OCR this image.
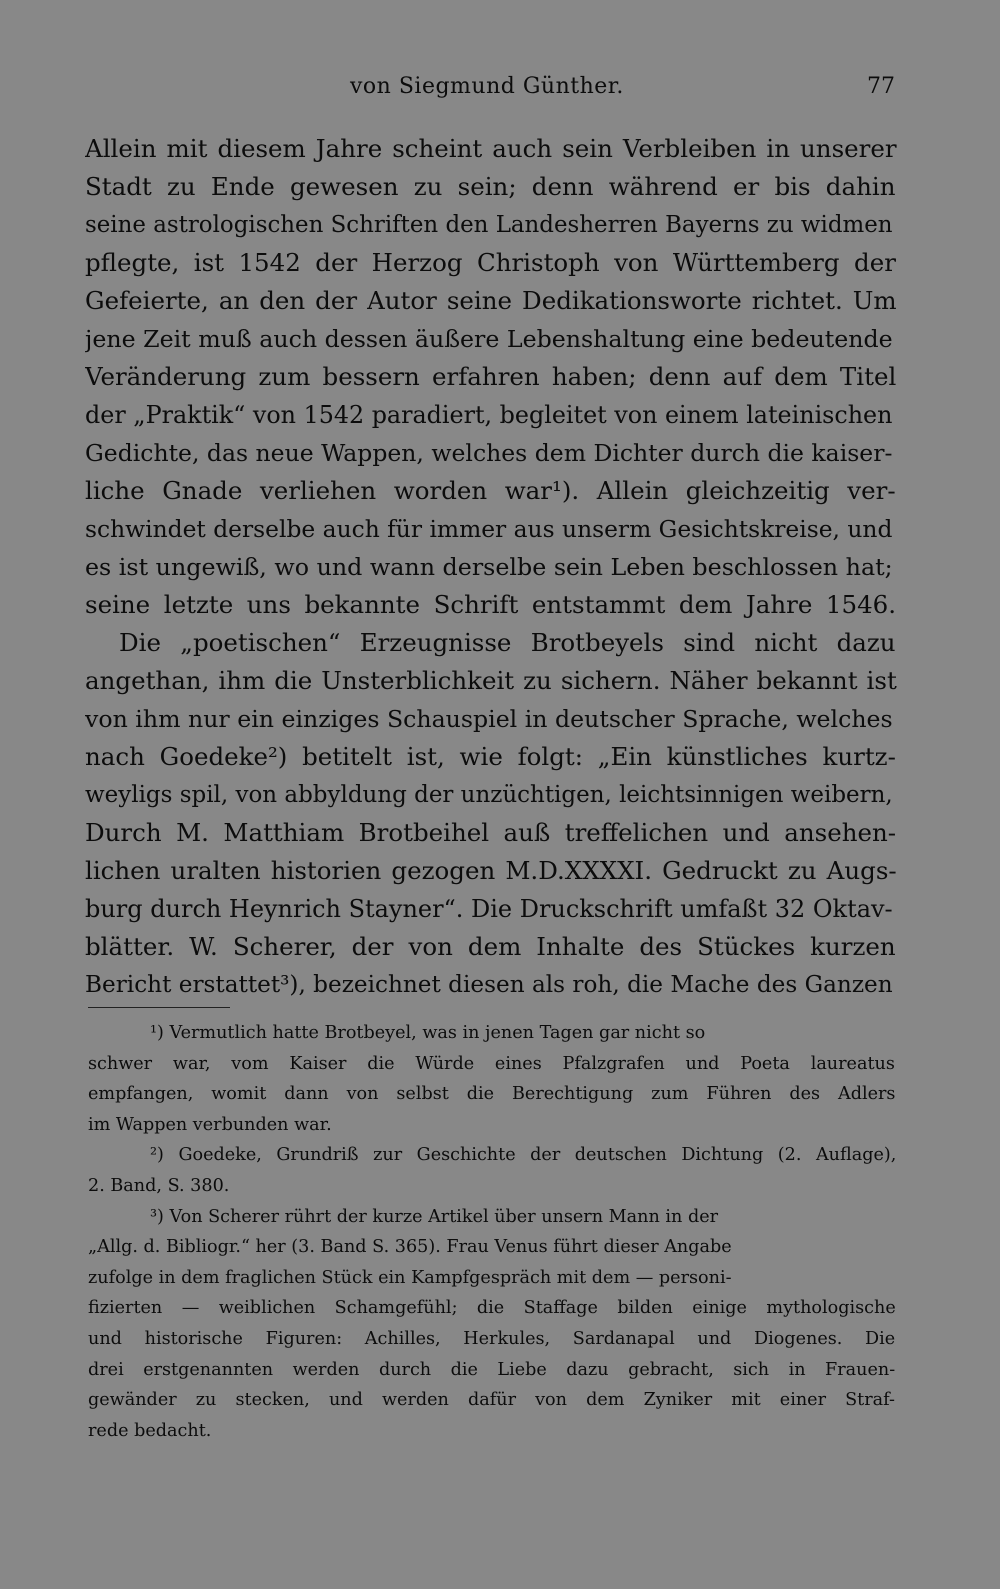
von Siegmund Günther.	77
Allein mit diesem Jahre scheint auch sein Verbleiben in unserer
Stadt zu Ende gewesen zu sein; denn während er bis dahin
seine astrologischen Schriften den Landesherren Bayerns zu widmen
pflegte, ist 1542 der Herzog Christoph von Württemberg der
Gefeierte, an den der Autor seine Dedikationsworte richtet. Um
jene Zeit muß auch dessen äußere Lebenshaltung eine bedeutende
Veränderung zum bessern erfahren haben; denn auf dem Titel
der „Praktik“ von 1542 paradiert, begleitet von einem lateinischen
Gedichte, das neue Wappen, welches dem Dichter durch die kaiser-
liche Gnade verliehen worden war¹). Allein gleichzeitig ver-
schwindet derselbe auch für immer aus unserm Gesichtskreise, und
es ist ungewiß, wo und wann derselbe sein Leben beschlossen hat;
seine letzte uns bekannte Schrift entstammt dem Jahre 1546.
Die „poetischen“ Erzeugnisse Brotbeyels sind nicht dazu
angethan, ihm die Unsterblichkeit zu sichern. Näher bekannt ist
von ihm nur ein einziges Schauspiel in deutscher Sprache, welches
nach Goedeke²) betitelt ist, wie folgt: „Ein künstliches kurtz-
weyligs spil, von abbyldung der unzüchtigen, leichtsinnigen weibern,
Durch M. Matthiam Brotbeihel auß treffelichen und ansehen-
lichen uralten historien gezogen M.D.XXXXI. Gedruckt zu Augs-
burg durch Heynrich Stayner“. Die Druckschrift umfaßt 32 Oktav-
blätter. W. Scherer, der von dem Inhalte des Stückes kurzen
Bericht erstattet³), bezeichnet diesen als roh, die Mache des Ganzen
¹) Vermutlich hatte Brotbeyel, was in jenen Tagen gar nicht so
schwer war, vom Kaiser die Würde eines Pfalzgrafen und Poeta laureatus
empfangen, womit dann von selbst die Berechtigung zum Führen des Adlers
im Wappen verbunden war.
²) Goedeke, Grundriß zur Geschichte der deutschen Dichtung (2. Auflage),
2. Band, S. 380.
³) Von Scherer rührt der kurze Artikel über unsern Mann in der
„Allg. d. Bibliogr.“ her (3. Band S. 365). Frau Venus führt dieser Angabe
zufolge in dem fraglichen Stück ein Kampfgespräch mit dem — personi-
fizierten — weiblichen Schamgefühl; die Staffage bilden einige mythologische
und historische Figuren: Achilles, Herkules, Sardanapal und Diogenes. Die
drei erstgenannten werden durch die Liebe dazu gebracht, sich in Frauen-
gewänder zu stecken, und werden dafür von dem Zyniker mit einer Straf-
rede bedacht.
